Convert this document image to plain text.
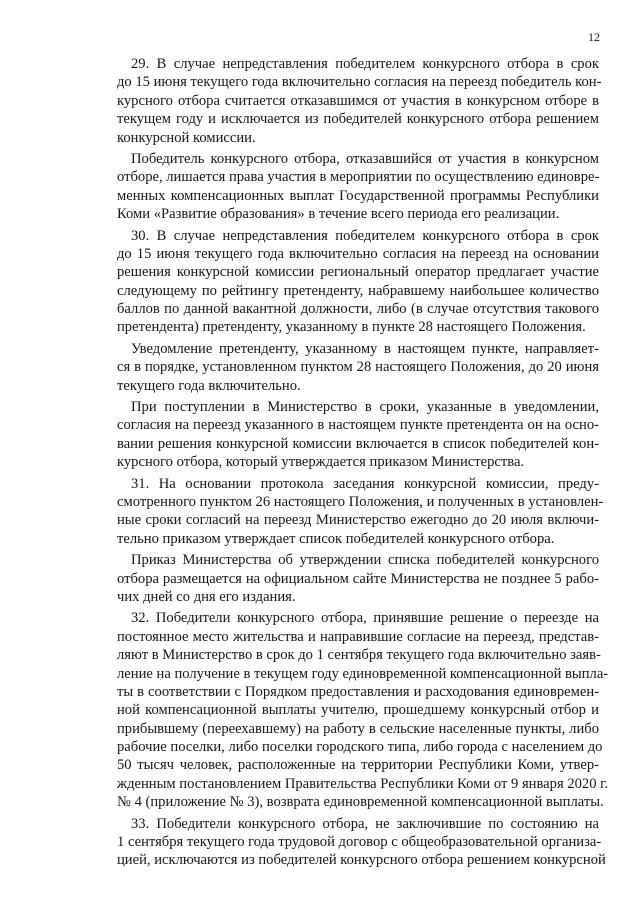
12
29. В случае непредставления победителем конкурсного отбора в срок
до 15 июня текущего года включительно согласия на переезд победитель кон-
курсного отбора считается отказавшимся от участия в конкурсном отборе в
текущем году и исключается из победителей конкурсного отбора решением
конкурсной комиссии.
Победитель конкурсного отбора, отказавшийся от участия в конкурсном
отборе, лишается права участия в мероприятии по осуществлению единовре-
менных компенсационных выплат Государственной программы Республики
Коми «Развитие образования» в течение всего периода его реализации.
30. В случае непредставления победителем конкурсного отбора в срок
до 15 июня текущего года включительно согласия на переезд на основании
решения конкурсной комиссии региональный оператор предлагает участие
следующему по рейтингу претенденту, набравшему наибольшее количество
баллов по данной вакантной должности, либо (в случае отсутствия такового
претендента) претенденту, указанному в пункте 28 настоящего Положения.
Уведомление претенденту, указанному в настоящем пункте, направляет-
ся в порядке, установленном пунктом 28 настоящего Положения, до 20 июня
текущего года включительно.
При поступлении в Министерство в сроки, указанные в уведомлении,
согласия на переезд указанного в настоящем пункте претендента он на осно-
вании решения конкурсной комиссии включается в список победителей кон-
курсного отбора, который утверждается приказом Министерства.
31. На основании протокола заседания конкурсной комиссии, преду-
смотренного пунктом 26 настоящего Положения, и полученных в установлен-
ные сроки согласий на переезд Министерство ежегодно до 20 июля включи-
тельно приказом утверждает список победителей конкурсного отбора.
Приказ Министерства об утверждении списка победителей конкурсного
отбора размещается на официальном сайте Министерства не позднее 5 рабо-
чих дней со дня его издания.
32. Победители конкурсного отбора, принявшие решение о переезде на
постоянное место жительства и направившие согласие на переезд, представ-
ляют в Министерство в срок до 1 сентября текущего года включительно заяв-
ление на получение в текущем году единовременной компенсационной выпла-
ты в соответствии с Порядком предоставления и расходования единовремен-
ной компенсационной выплаты учителю, прошедшему конкурсный отбор и
прибывшему (переехавшему) на работу в сельские населенные пункты, либо
рабочие поселки, либо поселки городского типа, либо города с населением до
50 тысяч человек, расположенные на территории Республики Коми, утвер-
жденным постановлением Правительства Республики Коми от 9 января 2020 г.
№ 4 (приложение № 3), возврата единовременной компенсационной выплаты.
33. Победители конкурсного отбора, не заключившие по состоянию на
1 сентября текущего года трудовой договор с общеобразовательной организа-
цией, исключаются из победителей конкурсного отбора решением конкурсной
